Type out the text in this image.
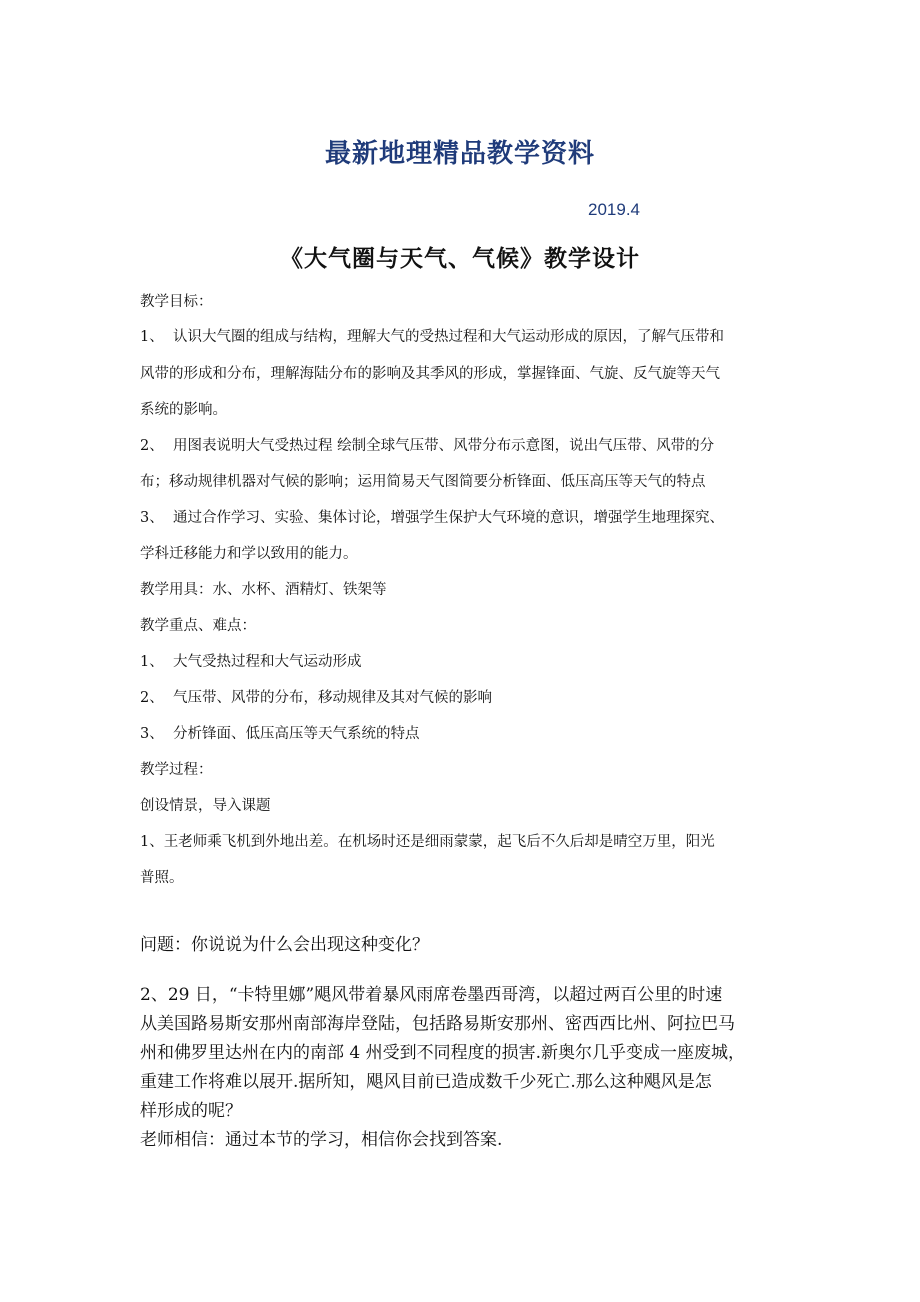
最新地理精品教学资料
2019.4
《大气圈与天气、气候》教学设计
教学目标：
1、 认识大气圈的组成与结构，理解大气的受热过程和大气运动形成的原因，了解气压带和
风带的形成和分布，理解海陆分布的影响及其季风的形成，掌握锋面、气旋、反气旋等天气
系统的影响。
2、 用图表说明大气受热过程 绘制全球气压带、风带分布示意图，说出气压带、风带的分
布；移动规律机器对气候的影响；运用简易天气图简要分析锋面、低压高压等天气的特点
3、 通过合作学习、实验、集体讨论，增强学生保护大气环境的意识，增强学生地理探究、
学科迁移能力和学以致用的能力。
教学用具：水、水杯、酒精灯、铁架等
教学重点、难点：
1、 大气受热过程和大气运动形成
2、 气压带、风带的分布，移动规律及其对气候的影响
3、 分析锋面、低压高压等天气系统的特点
教学过程：
创设情景，导入课题
1、王老师乘飞机到外地出差。在机场时还是细雨蒙蒙，起飞后不久后却是晴空万里，阳光
普照。
问题：你说说为什么会出现这种变化？
2、29 日，“卡特里娜”飓风带着暴风雨席卷墨西哥湾，以超过两百公里的时速
从美国路易斯安那州南部海岸登陆，包括路易斯安那州、密西西比州、阿拉巴马
州和佛罗里达州在内的南部 4 州受到不同程度的损害.新奥尔几乎变成一座废城，
重建工作将难以展开.据所知，飓风目前已造成数千少死亡.那么这种飓风是怎
样形成的呢？
老师相信：通过本节的学习，相信你会找到答案.
